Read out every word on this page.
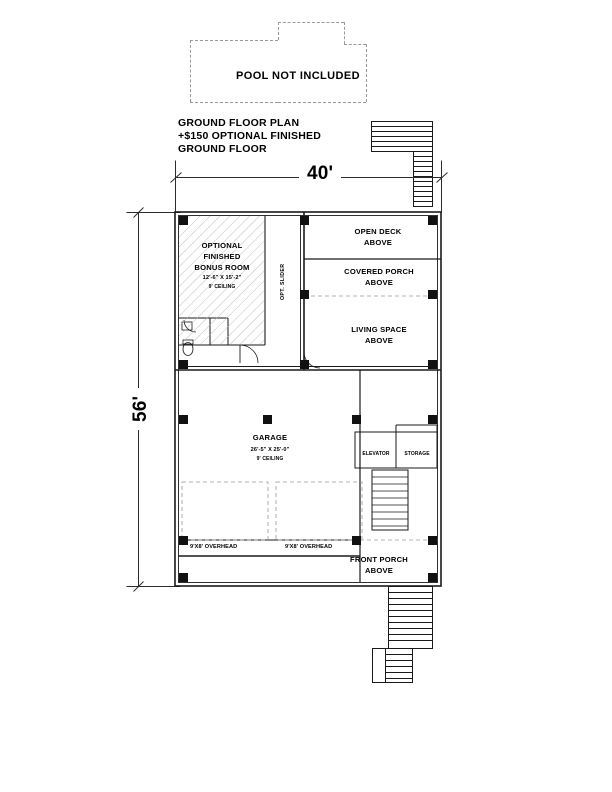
POOL NOT INCLUDED
GROUND FLOOR PLAN
+$150 OPTIONAL FINISHED
GROUND FLOOR
40'
56'
OPT. SLIDER
OPTIONAL
FINISHED
BONUS ROOM
12'-6" X 15'-2"
9' CEILING
OPEN DECK
ABOVE
COVERED PORCH
ABOVE
LIVING SPACE
ABOVE
GARAGE
26'-5" X 25'-0"
9' CEILING
ELEVATOR	STORAGE
9'X8' OVERHEAD	9'X8' OVERHEAD
FRONT PORCH
ABOVE
